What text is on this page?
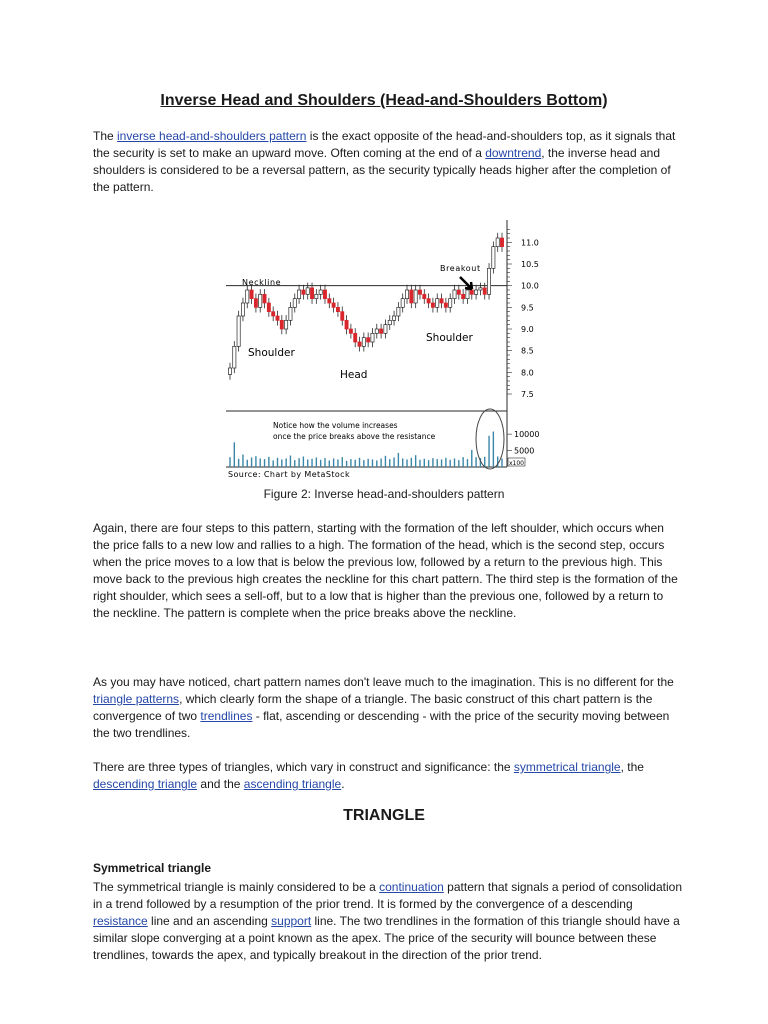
Inverse Head and Shoulders (Head-and-Shoulders Bottom)

The inverse head-and-shoulders pattern is the exact opposite of the head-and-shoulders top, as it signals that the security is set to make an upward move. Often coming at the end of a downtrend, the inverse head and shoulders is considered to be a reversal pattern, as the security typically heads higher after the completion of the pattern.

11.0
10.5
10.0
9.5
9.0
8.5
8.0
7.5
10000
5000
x100
Neckline
Breakout
Shoulder
Shoulder
Head
Notice how the volume increases
once the price breaks above the resistance
Source: Chart by MetaStock

Figure 2: Inverse head-and-shoulders pattern

Again, there are four steps to this pattern, starting with the formation of the left shoulder, which occurs when the price falls to a new low and rallies to a high. The formation of the head, which is the second step, occurs when the price moves to a low that is below the previous low, followed by a return to the previous high. This move back to the previous high creates the neckline for this chart pattern. The third step is the formation of the right shoulder, which sees a sell-off, but to a low that is higher than the previous one, followed by a return to the neckline. The pattern is complete when the price breaks above the neckline.

As you may have noticed, chart pattern names don't leave much to the imagination. This is no different for the triangle patterns, which clearly form the shape of a triangle. The basic construct of this chart pattern is the convergence of two trendlines - flat, ascending or descending - with the price of the security moving between the two trendlines.

There are three types of triangles, which vary in construct and significance: the symmetrical triangle, the descending triangle and the ascending triangle.

TRIANGLE
Symmetrical triangle

The symmetrical triangle is mainly considered to be a continuation pattern that signals a period of consolidation in a trend followed by a resumption of the prior trend. It is formed by the convergence of a descending resistance line and an ascending support line. The two trendlines in the formation of this triangle should have a similar slope converging at a point known as the apex. The price of the security will bounce between these trendlines, towards the apex, and typically breakout in the direction of the prior trend.
